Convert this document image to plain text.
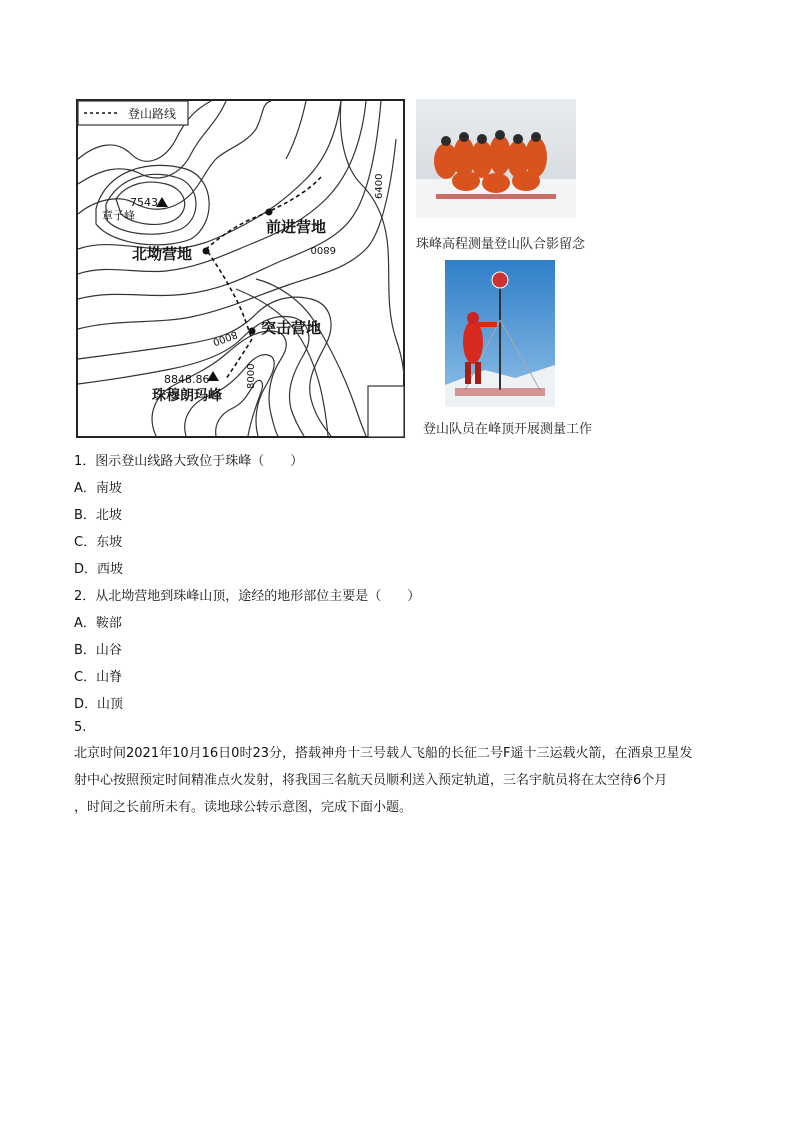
登山路线
7543
章子峰
前进营地
北坳营地
突击营地
8848.86
珠穆朗玛峰
6400
6800
8000
8000
珠峰高程测量登山队合影留念
登山队员在峰顶开展测量工作
1．图示登山线路大致位于珠峰（　　）
A．南坡
B．北坡
C．东坡
D．西坡
2．从北坳营地到珠峰山顶，途经的地形部位主要是（　　）
A．鞍部
B．山谷
C．山脊
D．山顶
5.

北京时间2021年10月16日0时23分，搭载神舟十三号载人飞船的长征二号F遥十三运载火箭，在酒泉卫星发

射中心按照预定时间精准点火发射，将我国三名航天员顺利送入预定轨道，三名宇航员将在太空待6个月

，时间之长前所未有。读地球公转示意图，完成下面小题。
